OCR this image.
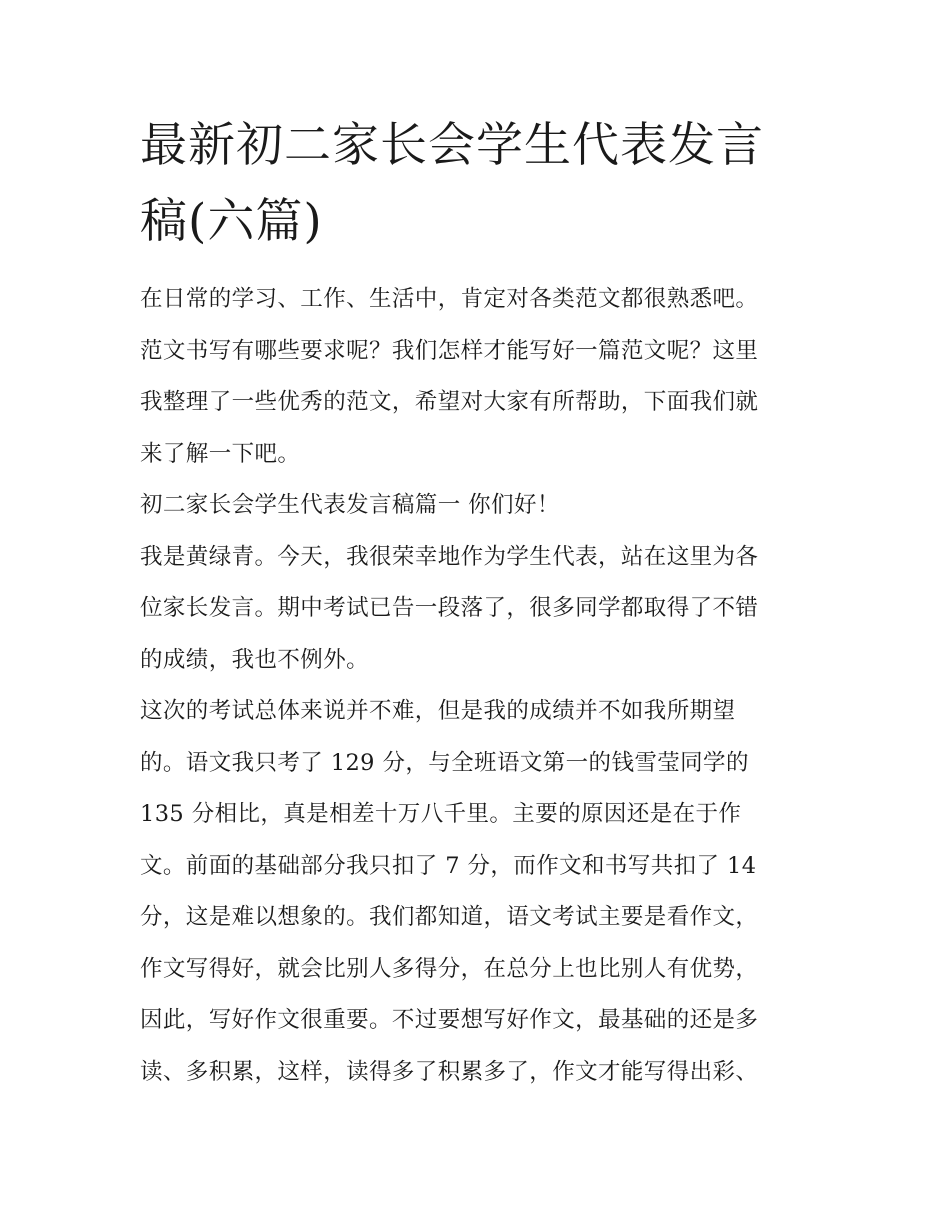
最新初二家长会学生代表发言
稿(六篇)
在日常的学习、工作、生活中，肯定对各类范文都很熟悉吧。
范文书写有哪些要求呢？我们怎样才能写好一篇范文呢？这里
我整理了一些优秀的范文，希望对大家有所帮助，下面我们就
来了解一下吧。
初二家长会学生代表发言稿篇一 你们好！
我是黄绿青。今天，我很荣幸地作为学生代表，站在这里为各
位家长发言。期中考试已告一段落了，很多同学都取得了不错
的成绩，我也不例外。
这次的考试总体来说并不难，但是我的成绩并不如我所期望
的。语文我只考了 129 分，与全班语文第一的钱雪莹同学的
135 分相比，真是相差十万八千里。主要的原因还是在于作
文。前面的基础部分我只扣了 7 分，而作文和书写共扣了 14
分，这是难以想象的。我们都知道，语文考试主要是看作文，
作文写得好，就会比别人多得分，在总分上也比别人有优势，
因此，写好作文很重要。不过要想写好作文，最基础的还是多
读、多积累，这样，读得多了积累多了，作文才能写得出彩、
